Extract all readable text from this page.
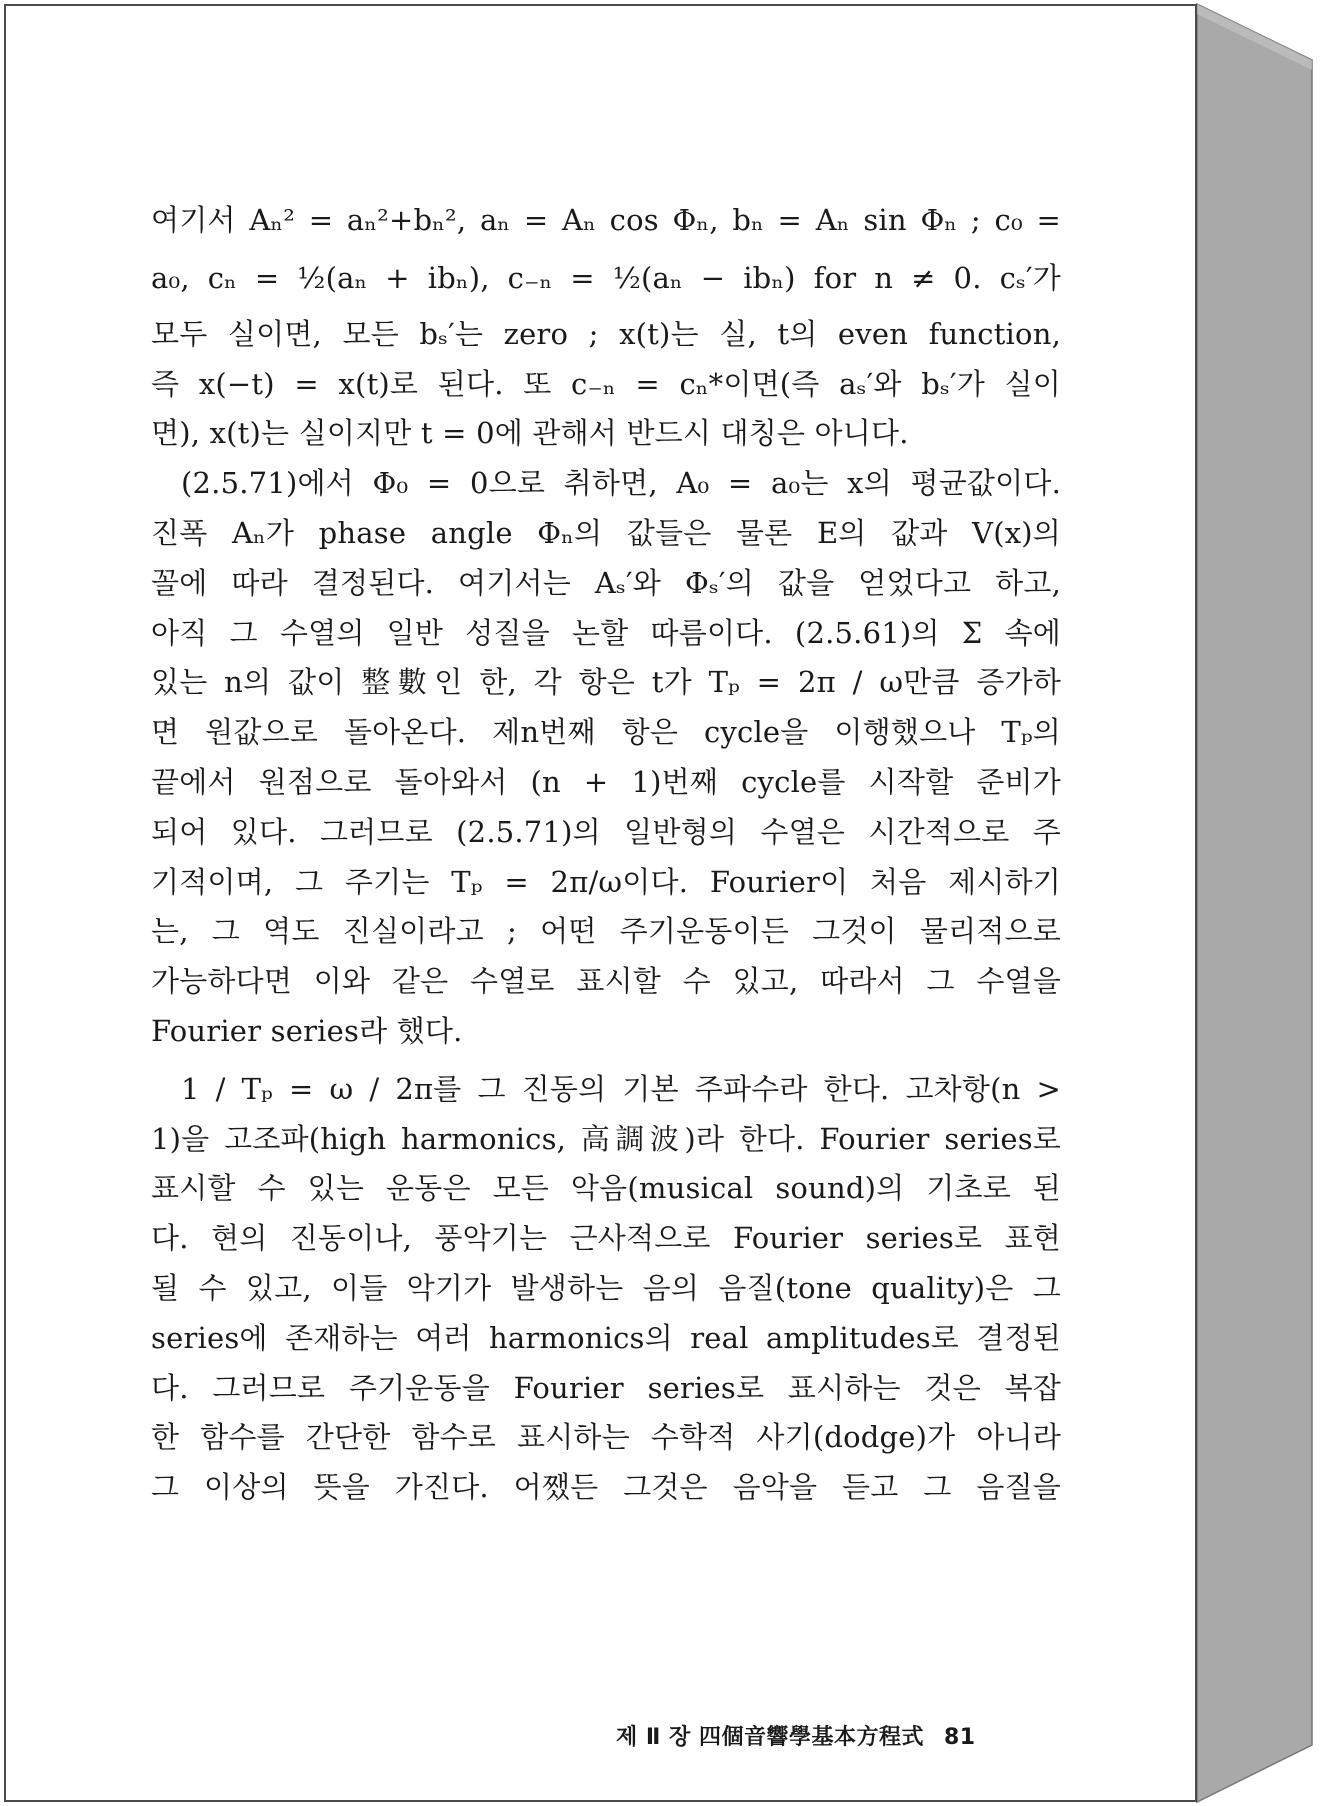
여기서 Aₙ² = aₙ²+bₙ², aₙ = Aₙ cos Φₙ, bₙ = Aₙ sin Φₙ ; c₀ =
a₀, cₙ = ½(aₙ + ibₙ), c₋ₙ = ½(aₙ − ibₙ) for n ≠ 0. cₛ′가
모두 실이면, 모든 bₛ′는 zero ; x(t)는 실, t의 even function,
즉 x(−t) = x(t)로 된다. 또 c₋ₙ = cₙ*이면(즉 aₛ′와 bₛ′가 실이
면), x(t)는 실이지만 t = 0에 관해서 반드시 대칭은 아니다.
(2.5.71)에서 Φ₀ = 0으로 취하면, A₀ = a₀는 x의 평균값이다.
진폭 Aₙ가 phase angle Φₙ의 값들은 물론 E의 값과 V(x)의
꼴에 따라 결정된다. 여기서는 Aₛ′와 Φₛ′의 값을 얻었다고 하고,
아직 그 수열의 일반 성질을 논할 따름이다. (2.5.61)의 Σ 속에
있는 n의 값이 整數인 한, 각 항은 t가 Tₚ = 2π / ω만큼 증가하
면 원값으로 돌아온다. 제n번째 항은 cycle을 이행했으나 Tₚ의
끝에서 원점으로 돌아와서 (n + 1)번째 cycle를 시작할 준비가
되어 있다. 그러므로 (2.5.71)의 일반형의 수열은 시간적으로 주
기적이며, 그 주기는 Tₚ = 2π/ω이다. Fourier이 처음 제시하기
는, 그 역도 진실이라고 ; 어떤 주기운동이든 그것이 물리적으로
가능하다면 이와 같은 수열로 표시할 수 있고, 따라서 그 수열을
Fourier series라 했다.
1 / Tₚ = ω / 2π를 그 진동의 기본 주파수라 한다. 고차항(n >
1)을 고조파(high harmonics, 高調波)라 한다. Fourier series로
표시할 수 있는 운동은 모든 악음(musical sound)의 기초로 된
다. 현의 진동이나, 풍악기는 근사적으로 Fourier series로 표현
될 수 있고, 이들 악기가 발생하는 음의 음질(tone quality)은 그
series에 존재하는 여러 harmonics의 real amplitudes로 결정된
다. 그러므로 주기운동을 Fourier series로 표시하는 것은 복잡
한 함수를 간단한 함수로 표시하는 수학적 사기(dodge)가 아니라
그 이상의 뜻을 가진다. 어쨌든 그것은 음악을 듣고 그 음질을
제 Ⅱ 장 四個音響學基本方程式 81
